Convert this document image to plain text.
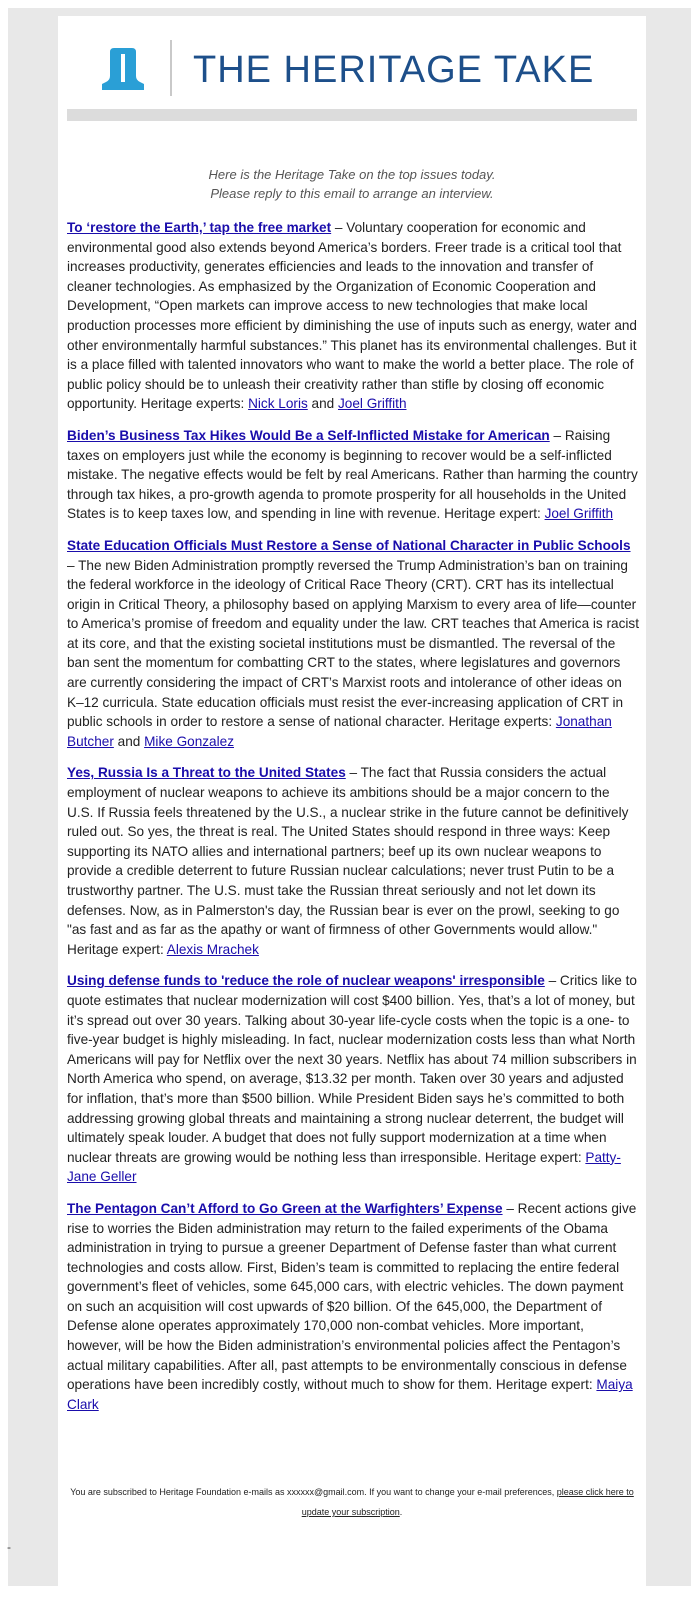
THE HERITAGE TAKE
Here is the Heritage Take on the top issues today.
Please reply to this email to arrange an interview.

To ‘restore the Earth,’ tap the free market – Voluntary cooperation for economic and environmental good also extends beyond America’s borders. Freer trade is a critical tool that increases productivity, generates efficiencies and leads to the innovation and transfer of cleaner technologies. As emphasized by the Organization of Economic Cooperation and Development, “Open markets can improve access to new technologies that make local production processes more efficient by diminishing the use of inputs such as energy, water and other environmentally harmful substances.” This planet has its environmental challenges. But it is a place filled with talented innovators who want to make the world a better place. The role of public policy should be to unleash their creativity rather than stifle by closing off economic opportunity. Heritage experts: Nick Loris and Joel Griffith

Biden’s Business Tax Hikes Would Be a Self-Inflicted Mistake for American – Raising taxes on employers just while the economy is beginning to recover would be a self-inflicted mistake. The negative effects would be felt by real Americans. Rather than harming the country through tax hikes, a pro-growth agenda to promote prosperity for all households in the United States is to keep taxes low, and spending in line with revenue. Heritage expert: Joel Griffith

State Education Officials Must Restore a Sense of National Character in Public Schools – The new Biden Administration promptly reversed the Trump Administration’s ban on training the federal workforce in the ideology of Critical Race Theory (CRT). CRT has its intellectual origin in Critical Theory, a philosophy based on applying Marxism to every area of life—counter to America’s promise of freedom and equality under the law. CRT teaches that America is racist at its core, and that the existing societal institutions must be dismantled. The reversal of the ban sent the momentum for combatting CRT to the states, where legislatures and governors are currently considering the impact of CRT’s Marxist roots and intolerance of other ideas on K–12 curricula. State education officials must resist the ever-increasing application of CRT in public schools in order to restore a sense of national character. Heritage experts: Jonathan Butcher and Mike Gonzalez

Yes, Russia Is a Threat to the United States – The fact that Russia considers the actual employment of nuclear weapons to achieve its ambitions should be a major concern to the U.S. If Russia feels threatened by the U.S., a nuclear strike in the future cannot be definitively ruled out. So yes, the threat is real. The United States should respond in three ways: Keep supporting its NATO allies and international partners; beef up its own nuclear weapons to provide a credible deterrent to future Russian nuclear calculations; never trust Putin to be a trustworthy partner. The U.S. must take the Russian threat seriously and not let down its defenses. Now, as in Palmerston's day, the Russian bear is ever on the prowl, seeking to go "as fast and as far as the apathy or want of firmness of other Governments would allow." Heritage expert: Alexis Mrachek

Using defense funds to 'reduce the role of nuclear weapons' irresponsible – Critics like to quote estimates that nuclear modernization will cost $400 billion. Yes, that’s a lot of money, but it’s spread out over 30 years. Talking about 30-year life-cycle costs when the topic is a one- to five-year budget is highly misleading. In fact, nuclear modernization costs less than what North Americans will pay for Netflix over the next 30 years. Netflix has about 74 million subscribers in North America who spend, on average, $13.32 per month. Taken over 30 years and adjusted for inflation, that’s more than $500 billion. While President Biden says he’s committed to both addressing growing global threats and maintaining a strong nuclear deterrent, the budget will ultimately speak louder. A budget that does not fully support modernization at a time when nuclear threats are growing would be nothing less than irresponsible. Heritage expert: Patty-Jane Geller

The Pentagon Can’t Afford to Go Green at the Warfighters’ Expense – Recent actions give rise to worries the Biden administration may return to the failed experiments of the Obama administration in trying to pursue a greener Department of Defense faster than what current technologies and costs allow. First, Biden’s team is committed to replacing the entire federal government’s fleet of vehicles, some 645,000 cars, with electric vehicles. The down payment on such an acquisition will cost upwards of $20 billion. Of the 645,000, the Department of Defense alone operates approximately 170,000 non-combat vehicles. More important, however, will be how the Biden administration’s environmental policies affect the Pentagon’s actual military capabilities. After all, past attempts to be environmentally conscious in defense operations have been incredibly costly, without much to show for them. Heritage expert: Maiya Clark

You are subscribed to Heritage Foundation e-mails as xxxxxx@gmail.com. If you want to change your e-mail preferences, please click here to update your subscription.
-
